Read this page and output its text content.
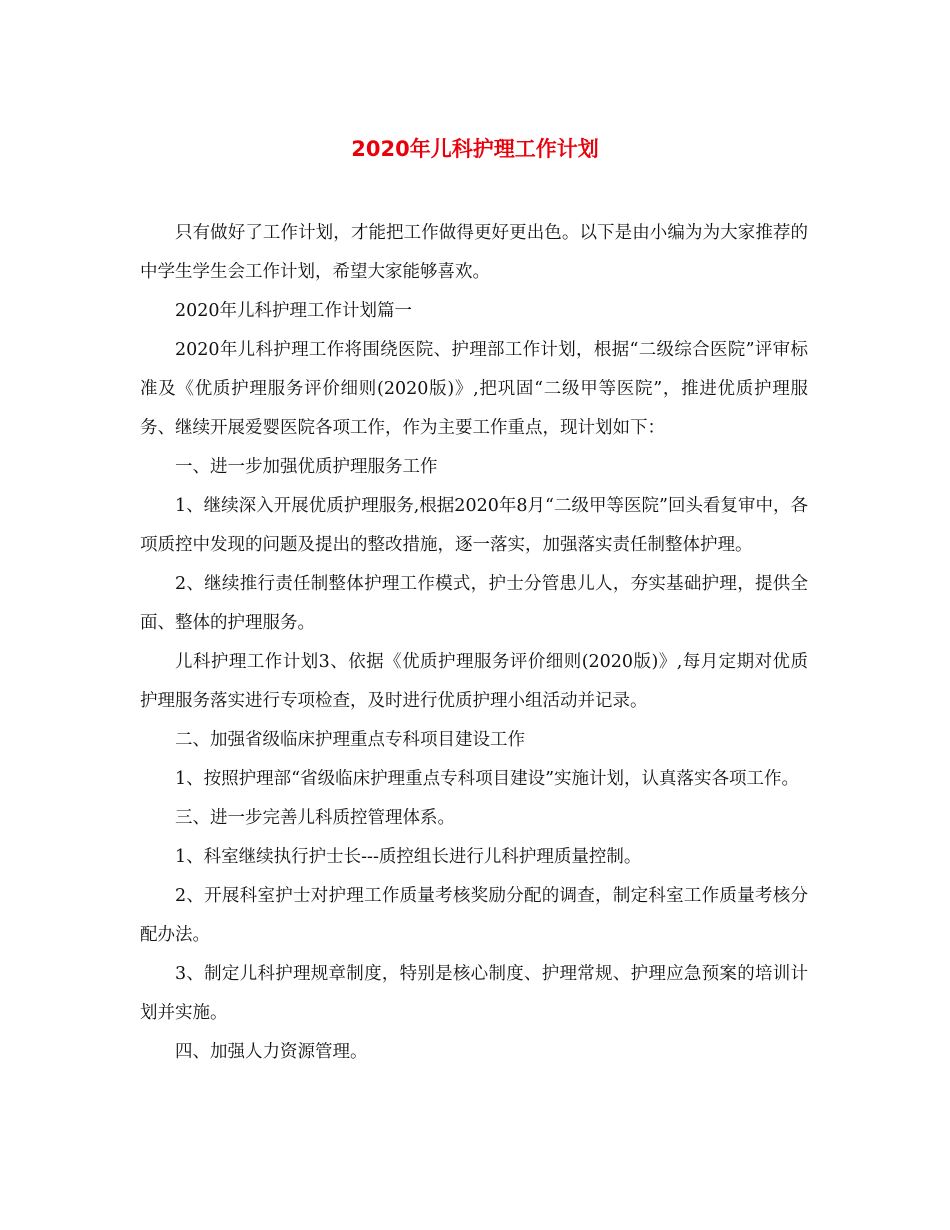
2020年儿科护理工作计划

只有做好了工作计划，才能把工作做得更好更出色。以下是由小编为为大家推荐的中学生学生会工作计划，希望大家能够喜欢。

2020年儿科护理工作计划篇一

2020年儿科护理工作将围绕医院、护理部工作计划，根据“二级综合医院”评审标准及《优质护理服务评价细则(2020版)》,把巩固“二级甲等医院”，推进优质护理服务、继续开展爱婴医院各项工作，作为主要工作重点，现计划如下：

一、进一步加强优质护理服务工作

1、继续深入开展优质护理服务,根据2020年8月“二级甲等医院”回头看复审中，各项质控中发现的问题及提出的整改措施，逐一落实，加强落实责任制整体护理。

2、继续推行责任制整体护理工作模式，护士分管患儿人，夯实基础护理，提供全面、整体的护理服务。

儿科护理工作计划3、依据《优质护理服务评价细则(2020版)》,每月定期对优质护理服务落实进行专项检查，及时进行优质护理小组活动并记录。

二、加强省级临床护理重点专科项目建设工作

1、按照护理部“省级临床护理重点专科项目建设”实施计划，认真落实各项工作。

三、进一步完善儿科质控管理体系。

1、科室继续执行护士长---质控组长进行儿科护理质量控制。

2、开展科室护士对护理工作质量考核奖励分配的调查，制定科室工作质量考核分配办法。

3、制定儿科护理规章制度，特别是核心制度、护理常规、护理应急预案的培训计划并实施。

四、加强人力资源管理。
